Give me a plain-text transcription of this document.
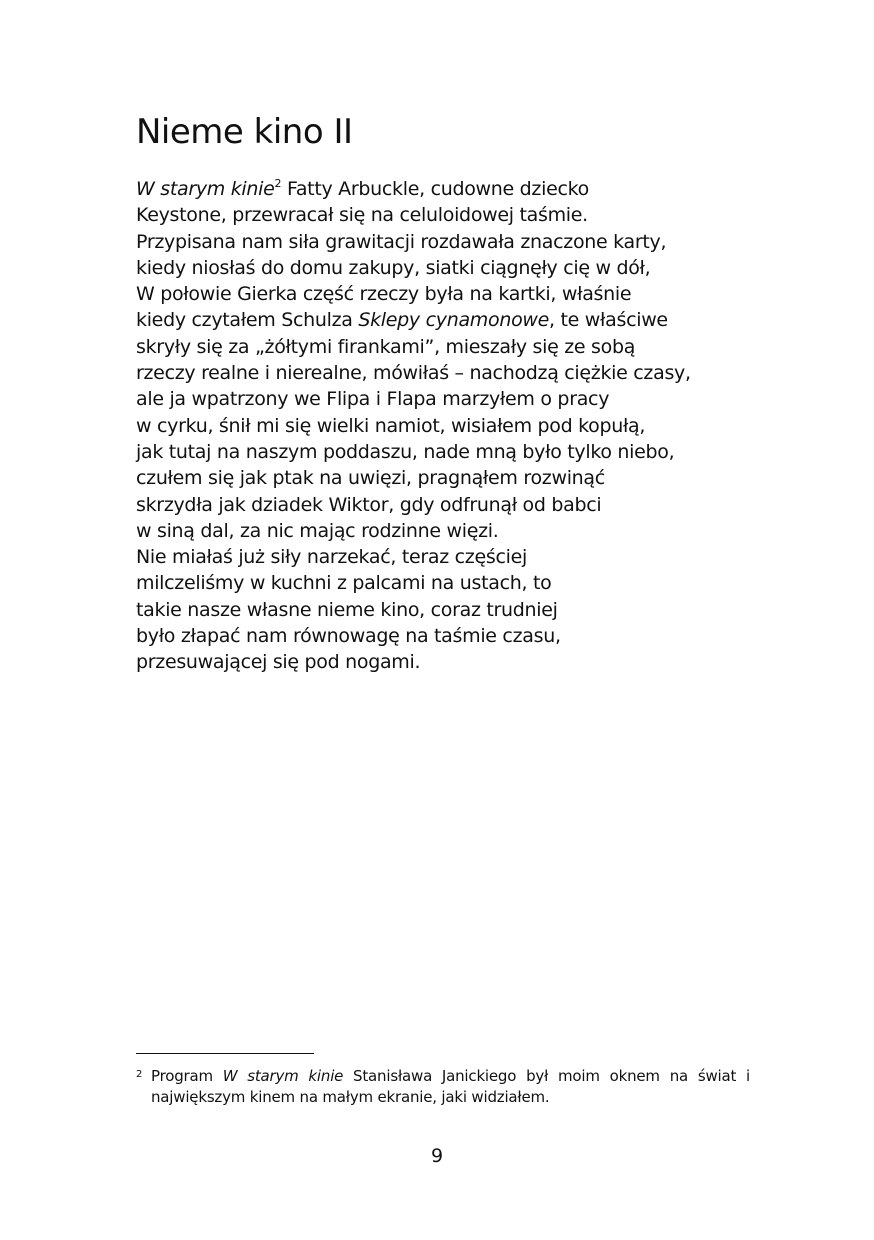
Nieme kino II
W starym kinie$^2$ Fatty Arbuckle, cudowne dziecko
Keystone, przewracał się na celuloidowej taśmie.
Przypisana nam siła grawitacji rozdawała znaczone karty,
kiedy niosłaś do domu zakupy, siatki ciągnęły cię w dół,
W połowie Gierka część rzeczy była na kartki, właśnie
kiedy czytałem Schulza Sklepy cynamonowe, te właściwe
skryły się za „żółtymi firankami”, mieszały się ze sobą
rzeczy realne i nierealne, mówiłaś – nachodzą ciężkie czasy,
ale ja wpatrzony we Flipa i Flapa marzyłem o pracy
w cyrku, śnił mi się wielki namiot, wisiałem pod kopułą,
jak tutaj na naszym poddaszu, nade mną było tylko niebo,
czułem się jak ptak na uwięzi, pragnąłem rozwinąć
skrzydła jak dziadek Wiktor, gdy odfrunął od babci
w siną dal, za nic mając rodzinne więzi.
Nie miałaś już siły narzekać, teraz częściej
milczeliśmy w kuchni z palcami na ustach, to
takie nasze własne nieme kino, coraz trudniej
było złapać nam równowagę na taśmie czasu,
przesuwającej się pod nogami.
2 Program W starym kinie Stanisława Janickiego był moim oknem na świat i największym kinem na małym ekranie, jaki widziałem.
9
